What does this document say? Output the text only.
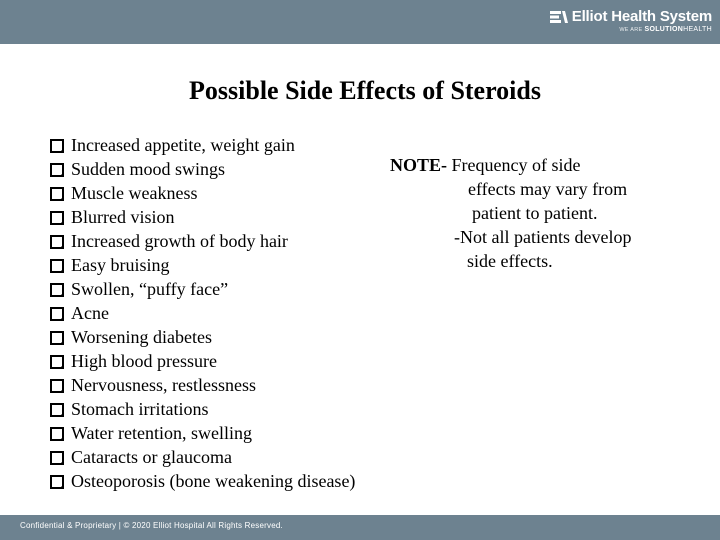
Elliot Health System
WE ARE SOLUTIONHEALTH
Possible Side Effects of Steroids
Increased appetite, weight gain
Sudden mood swings
Muscle weakness
Blurred vision
Increased growth of body hair
Easy bruising
Swollen, “puffy face”
Acne
Worsening diabetes
High blood pressure
Nervousness, restlessness
Stomach irritations
Water retention, swelling
Cataracts or glaucoma
Osteoporosis (bone weakening disease)
NOTE- Frequency of side
effects may vary from
patient to patient.
-Not all patients develop
side effects.
Confidential & Proprietary | © 2020 Elliot Hospital All Rights Reserved.
